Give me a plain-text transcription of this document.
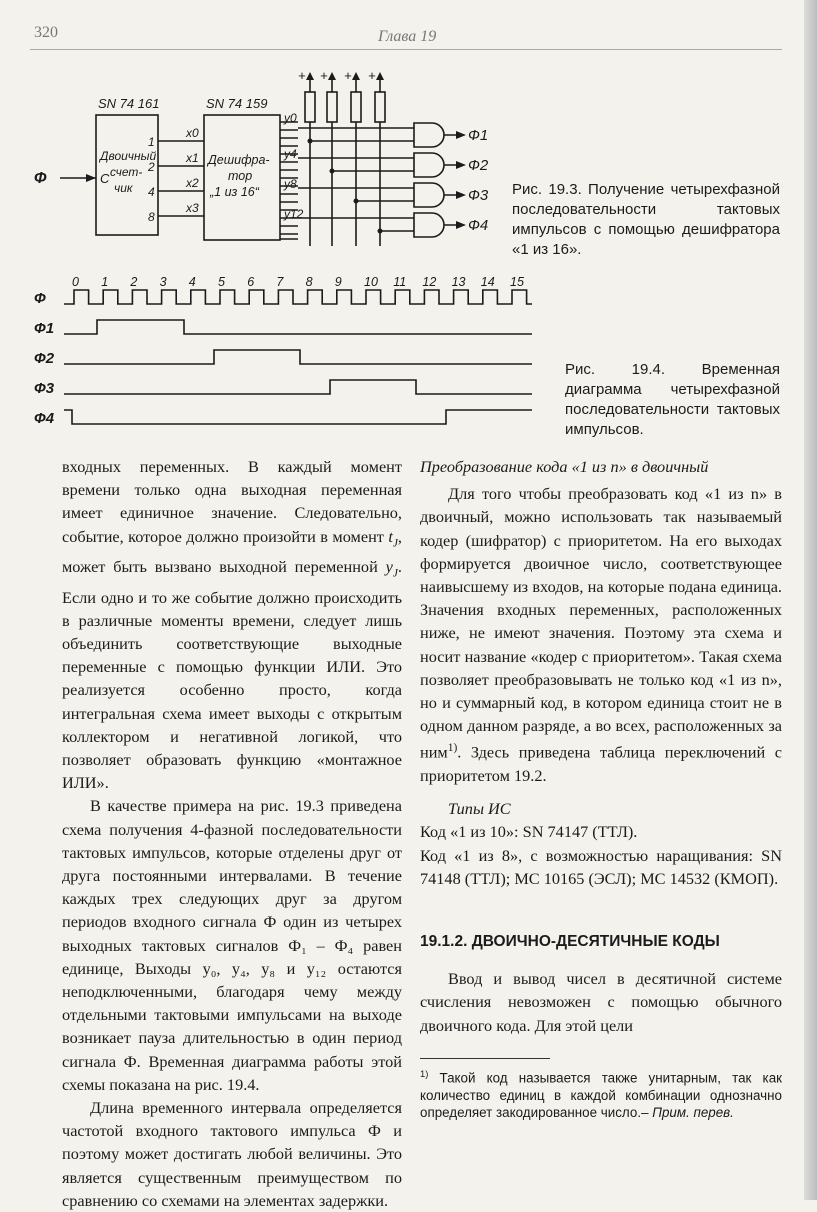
320	Глава 19
SN 74 161	SN 74 159
Двоичный
счет-
чик
C
1
2
4
8
Дешифра-
тор
„1 из 16“
x0
x1
x2
x3
y0
y4
y8
y12
Ф
+ + + +
Ф1
Ф2
Ф3
Ф4
Ф
Ф1
Ф2
Ф3
Ф4
0 1 2 3 4 5 6 7 8 9 10 11 12 13 14 15
Рис. 19.3. Получение четырехфазной последовательности тактовых импульсов с помощью дешифратора «1 из 16».
Рис. 19.4. Временная диаграмма четырехфазной последовательности тактовых импульсов.

входных переменных. В каждый момент времени только одна выходная переменная имеет единичное значение. Следовательно, событие, которое должно произойти в момент $t_J$, может быть вызвано выходной переменной $y_J$. Если одно и то же событие должно происходить в различные моменты времени, следует лишь объединить соответствующие выходные переменные с помощью функции ИЛИ. Это реализуется особенно просто, когда интегральная схема имеет выходы с открытым коллектором и негативной логикой, что позволяет образовать функцию «монтажное ИЛИ».

В качестве примера на рис. 19.3 приведена схема получения 4-фазной последовательности тактовых импульсов, которые отделены друг от друга постоянными интервалами. В течение каждых трех следующих друг за другом периодов входного сигнала Ф один из четырех выходных тактовых сигналов Ф₁ – Ф₄ равен единице, Выходы y₀, y₄, y₈ и y₁₂ остаются неподключенными, благодаря чему между отдельными тактовыми импульсами на выходе возникает пауза длительностью в один период сигнала Ф. Временная диаграмма работы этой схемы показана на рис. 19.4.

Длина временного интервала определяется частотой входного тактового импульса Ф и поэтому может достигать любой величины. Это является существенным преимуществом по сравнению со схемами на элементах задержки.

Преобразование кода «1 из n» в двоичный

Для того чтобы преобразовать код «1 из n» в двоичный, можно использовать так называемый кодер (шифратор) с приоритетом. На его выходах формируется двоичное число, соответствующее наивысшему из входов, на которые подана единица. Значения входных переменных, расположенных ниже, не имеют значения. Поэтому эта схема и носит название «кодер с приоритетом». Такая схема позволяет преобразовывать не только код «1 из n», но и суммарный код, в котором единица стоит не в одном данном разряде, а во всех, расположенных за ним$^{1)}$. Здесь приведена таблица переключений с приоритетом 19.2.

Типы ИС

Код «1 из 10»: SN 74147 (ТТЛ).

Код «1 из 8», с возможностью наращивания: SN 74148 (ТТЛ); МС 10165 (ЭСЛ); МС 14532 (КМОП).

19.1.2. ДВОИЧНО-ДЕСЯТИЧНЫЕ КОДЫ

Ввод и вывод чисел в десятичной системе счисления невозможен с помощью обычного двоичного кода. Для этой цели

$^{1)}$ Такой код называется также унитарным, так как количество единиц в каждой комбинации однозначно определяет закодированное число.– Прим. перев.
